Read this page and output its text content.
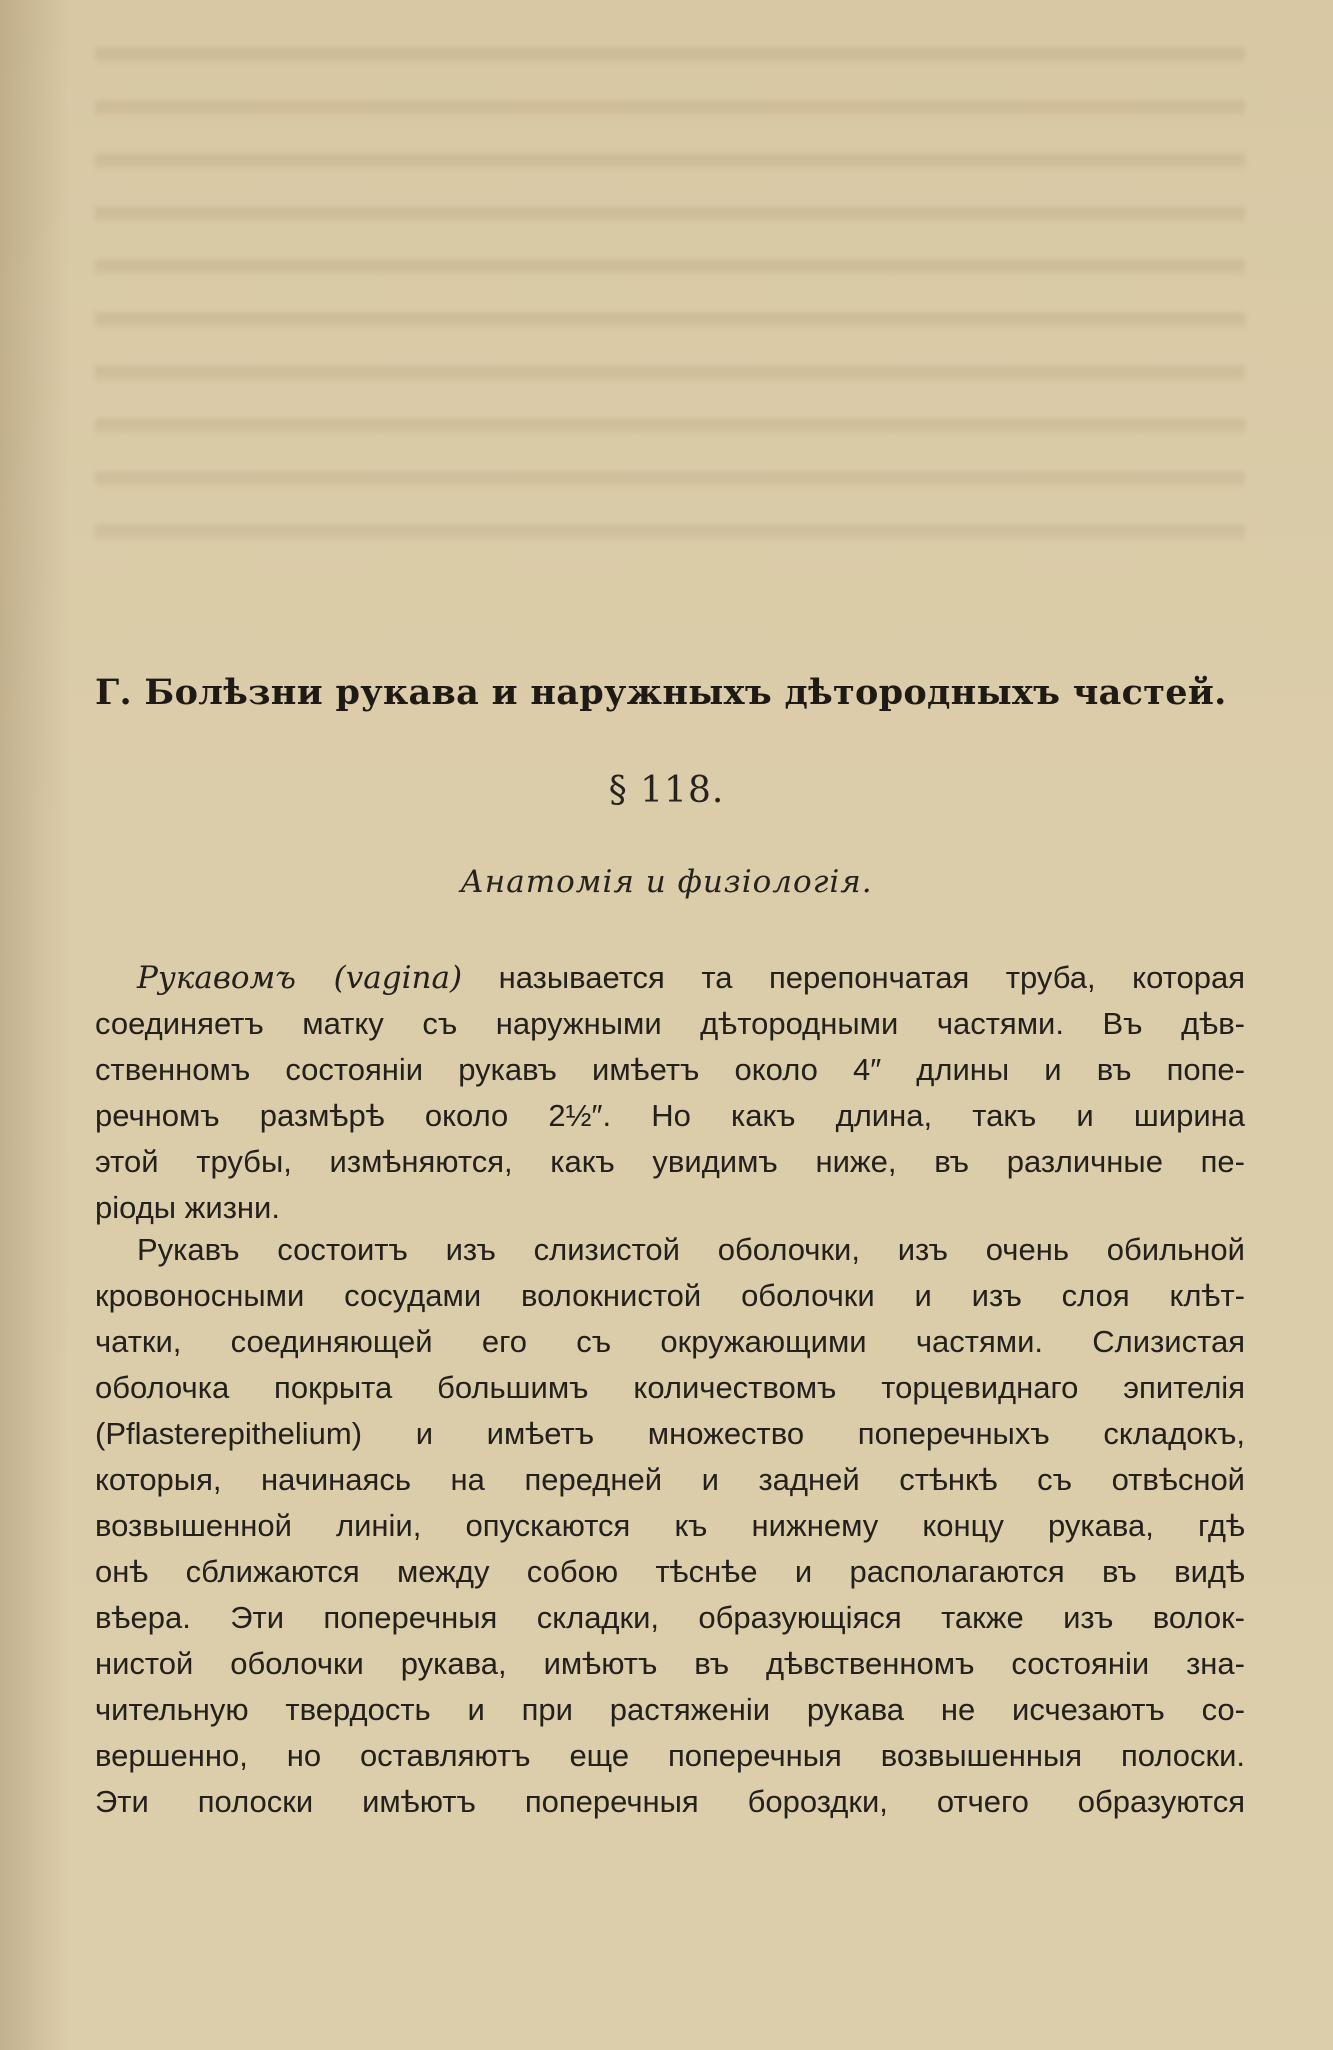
Г. Болѣзни рукава и наружныхъ дѣтородныхъ частей.
§ 118.
Анатомія и физіологія.
Рукавомъ (vagina) называется та перепончатая труба, которая
соединяетъ матку съ наружными дѣтородными частями. Въ дѣв-
ственномъ состояніи рукавъ имѣетъ около 4″ длины и въ попе-
речномъ размѣрѣ около 2½″. Но какъ длина, такъ и ширина
этой трубы, измѣняются, какъ увидимъ ниже, въ различные пе-
ріоды жизни.
Рукавъ состоитъ изъ слизистой оболочки, изъ очень обильной
кровоносными сосудами волокнистой оболочки и изъ слоя клѣт-
чатки, соединяющей его съ окружающими частями. Слизистая
оболочка покрыта большимъ количествомъ торцевиднаго эпителія
(Pflasterepithelium) и имѣетъ множество поперечныхъ складокъ,
которыя, начинаясь на передней и задней стѣнкѣ съ отвѣсной
возвышенной линіи, опускаются къ нижнему концу рукава, гдѣ
онѣ сближаются между собою тѣснѣе и располагаются въ видѣ
вѣера. Эти поперечныя складки, образующіяся также изъ волок-
нистой оболочки рукава, имѣютъ въ дѣвственномъ состояніи зна-
чительную твердость и при растяженіи рукава не исчезаютъ со-
вершенно, но оставляютъ еще поперечныя возвышенныя полоски.
Эти полоски имѣютъ поперечныя бороздки, отчего образуются
